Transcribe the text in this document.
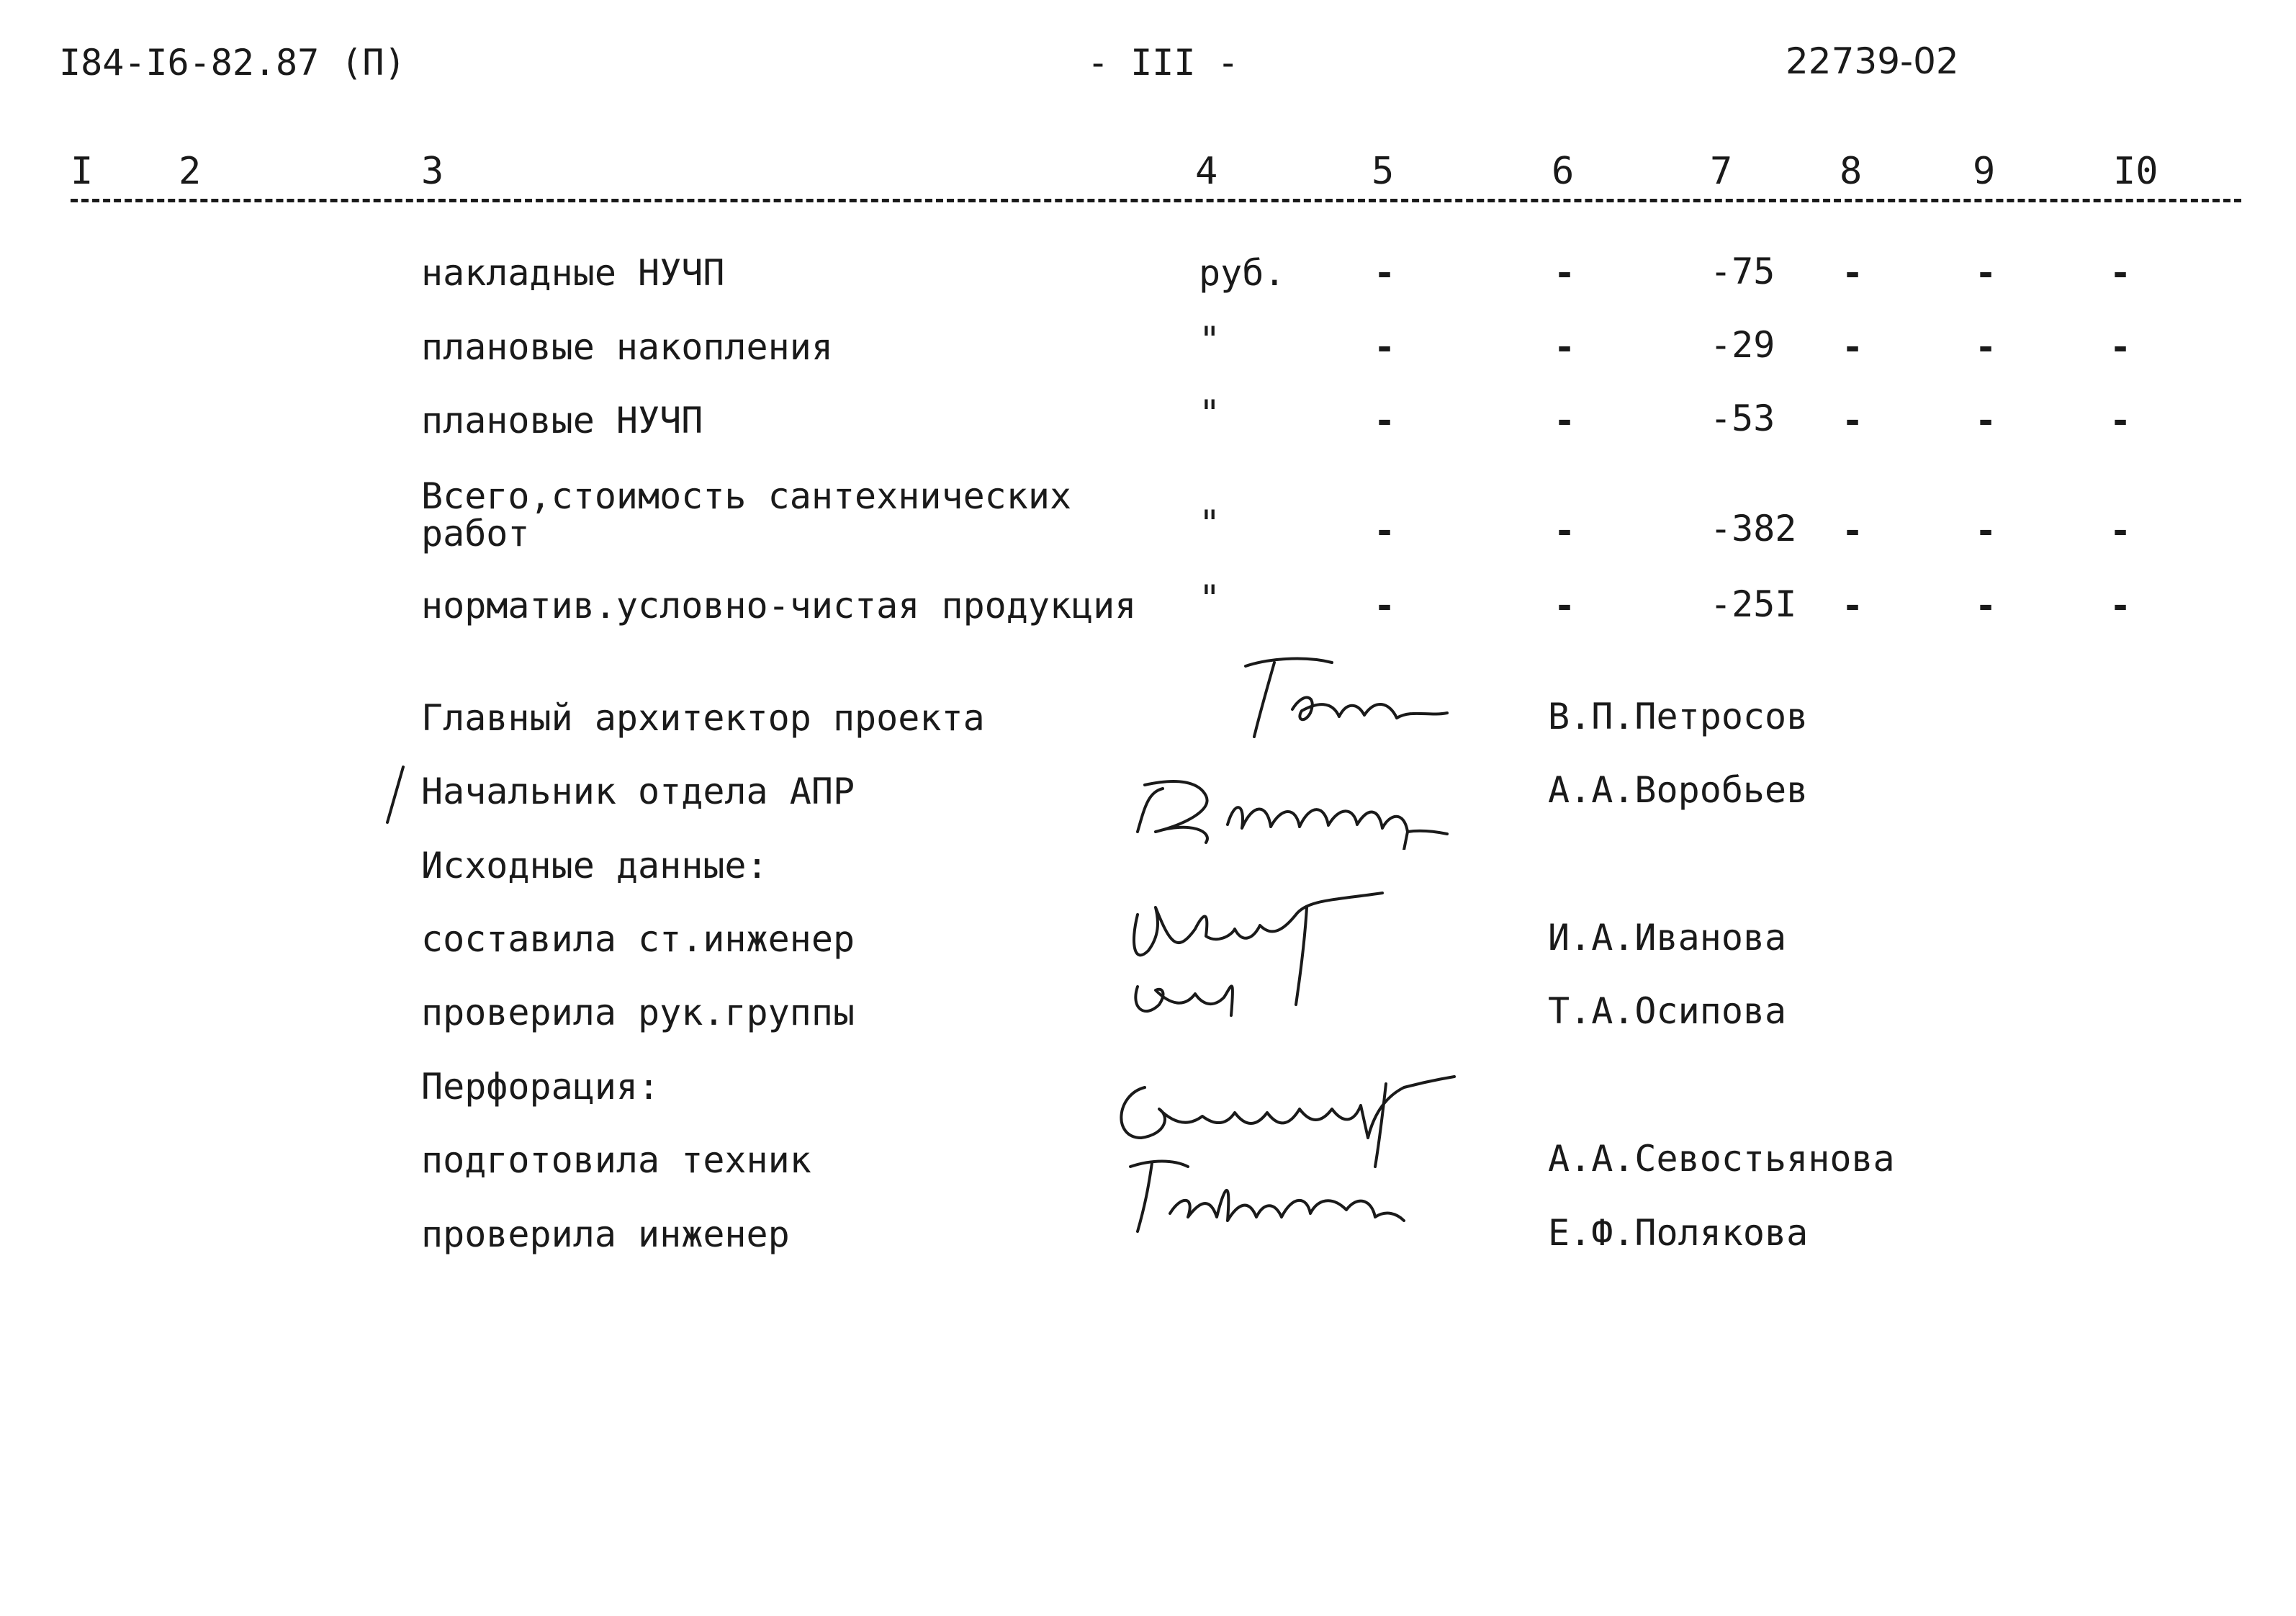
I84-I6-82.87 (П)	- III -	22739-02
I 2	3	4	5	6	7	8	9	I0
накладные НУЧП	руб. -	-	-75 -	-	-
плановые накопления	"	-	-	-29 -	-	-
плановые НУЧП	"	-	-	-53 -	-	-
Всего,стоимость сантехнических
работ	"	-	-	-382 -	-	-
норматив.условно-чистая продукция "	-	-	-25I -	-	-
Главный архитектор проекта	В.П.Петросов
Начальник отдела АПР	А.А.Воробьев
Исходные данные:
составила ст.инженер	И.А.Иванова
проверила рук.группы	Т.А.Осипова
Перфорация:
подготовила техник	А.А.Севостьянова
проверила инженер	Е.Ф.Полякова
